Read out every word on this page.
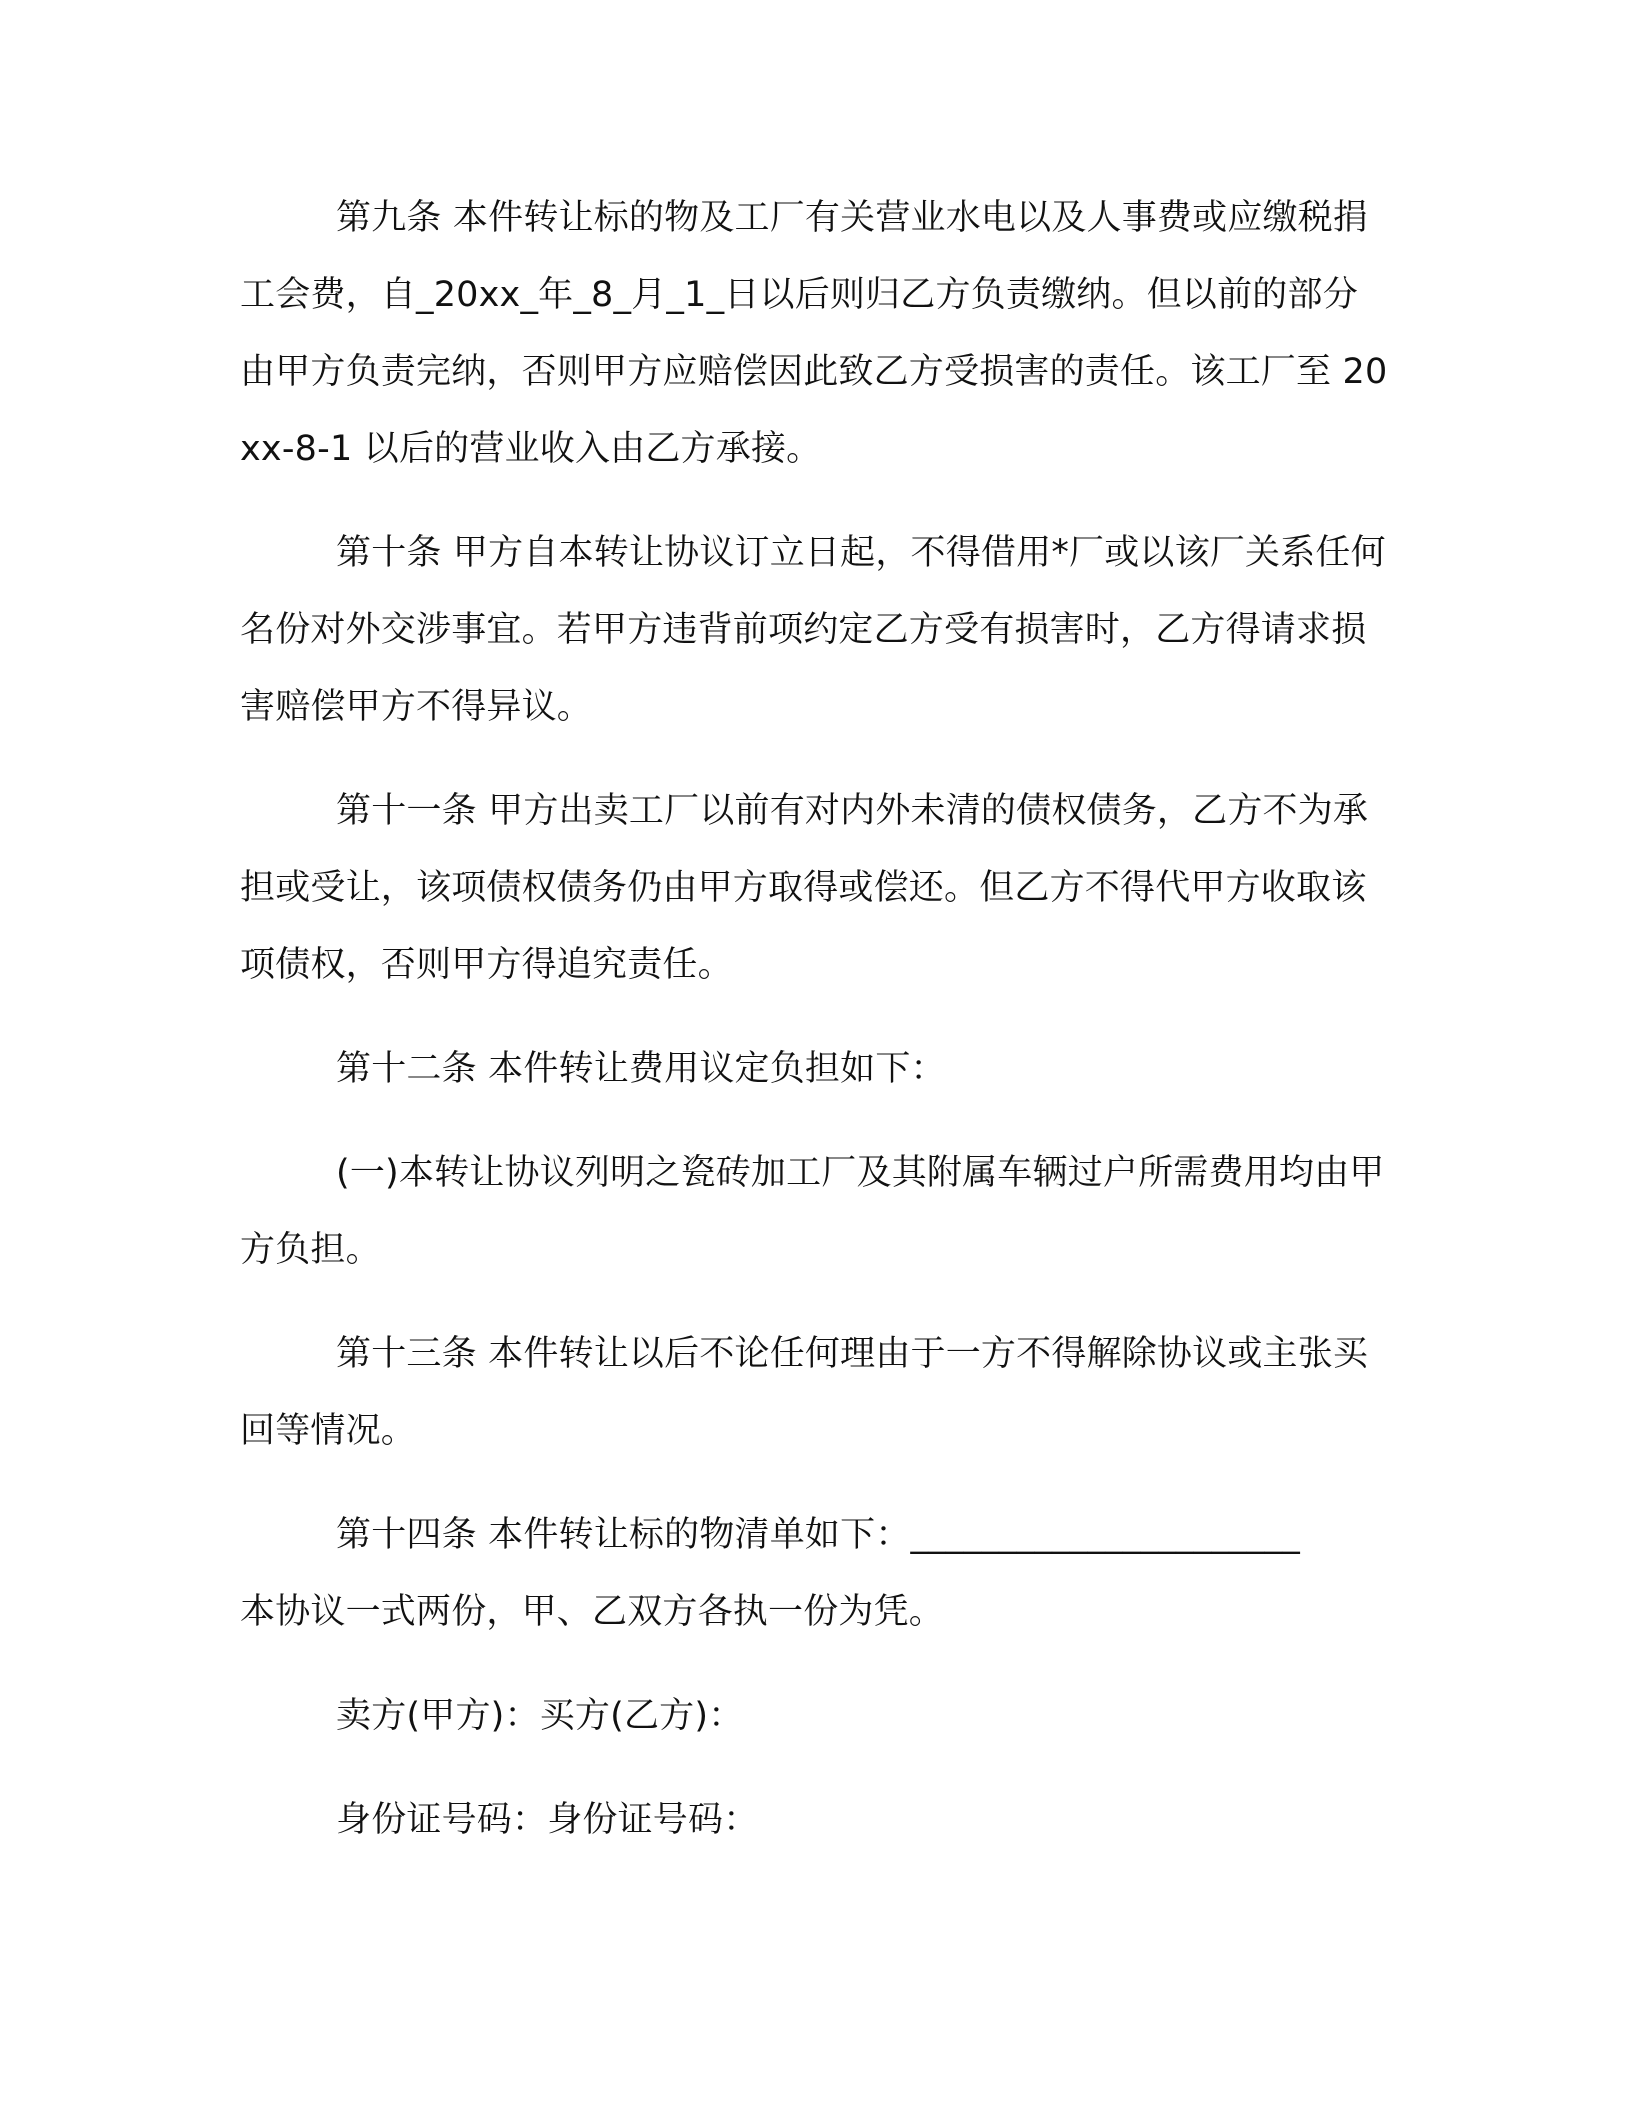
第九条 本件转让标的物及工厂有关营业水电以及人事费或应缴税捐工会费，自_20xx_年_8_月_1_日以后则归乙方负责缴纳。但以前的部分由甲方负责完纳，否则甲方应赔偿因此致乙方受损害的责任。该工厂至 20xx-8-1 以后的营业收入由乙方承接。

第十条 甲方自本转让协议订立日起，不得借用*厂或以该厂关系任何名份对外交涉事宜。若甲方违背前项约定乙方受有损害时，乙方得请求损害赔偿甲方不得异议。

第十一条 甲方出卖工厂以前有对内外未清的债权债务，乙方不为承担或受让，该项债权债务仍由甲方取得或偿还。但乙方不得代甲方收取该项债权，否则甲方得追究责任。

第十二条 本件转让费用议定负担如下：

(一)本转让协议列明之瓷砖加工厂及其附属车辆过户所需费用均由甲方负担。

第十三条 本件转让以后不论任何理由于一方不得解除协议或主张买回等情况。

第十四条 本件转让标的物清单如下：______________________

本协议一式两份，甲、乙双方各执一份为凭。

卖方(甲方)：买方(乙方)：

身份证号码：身份证号码：
